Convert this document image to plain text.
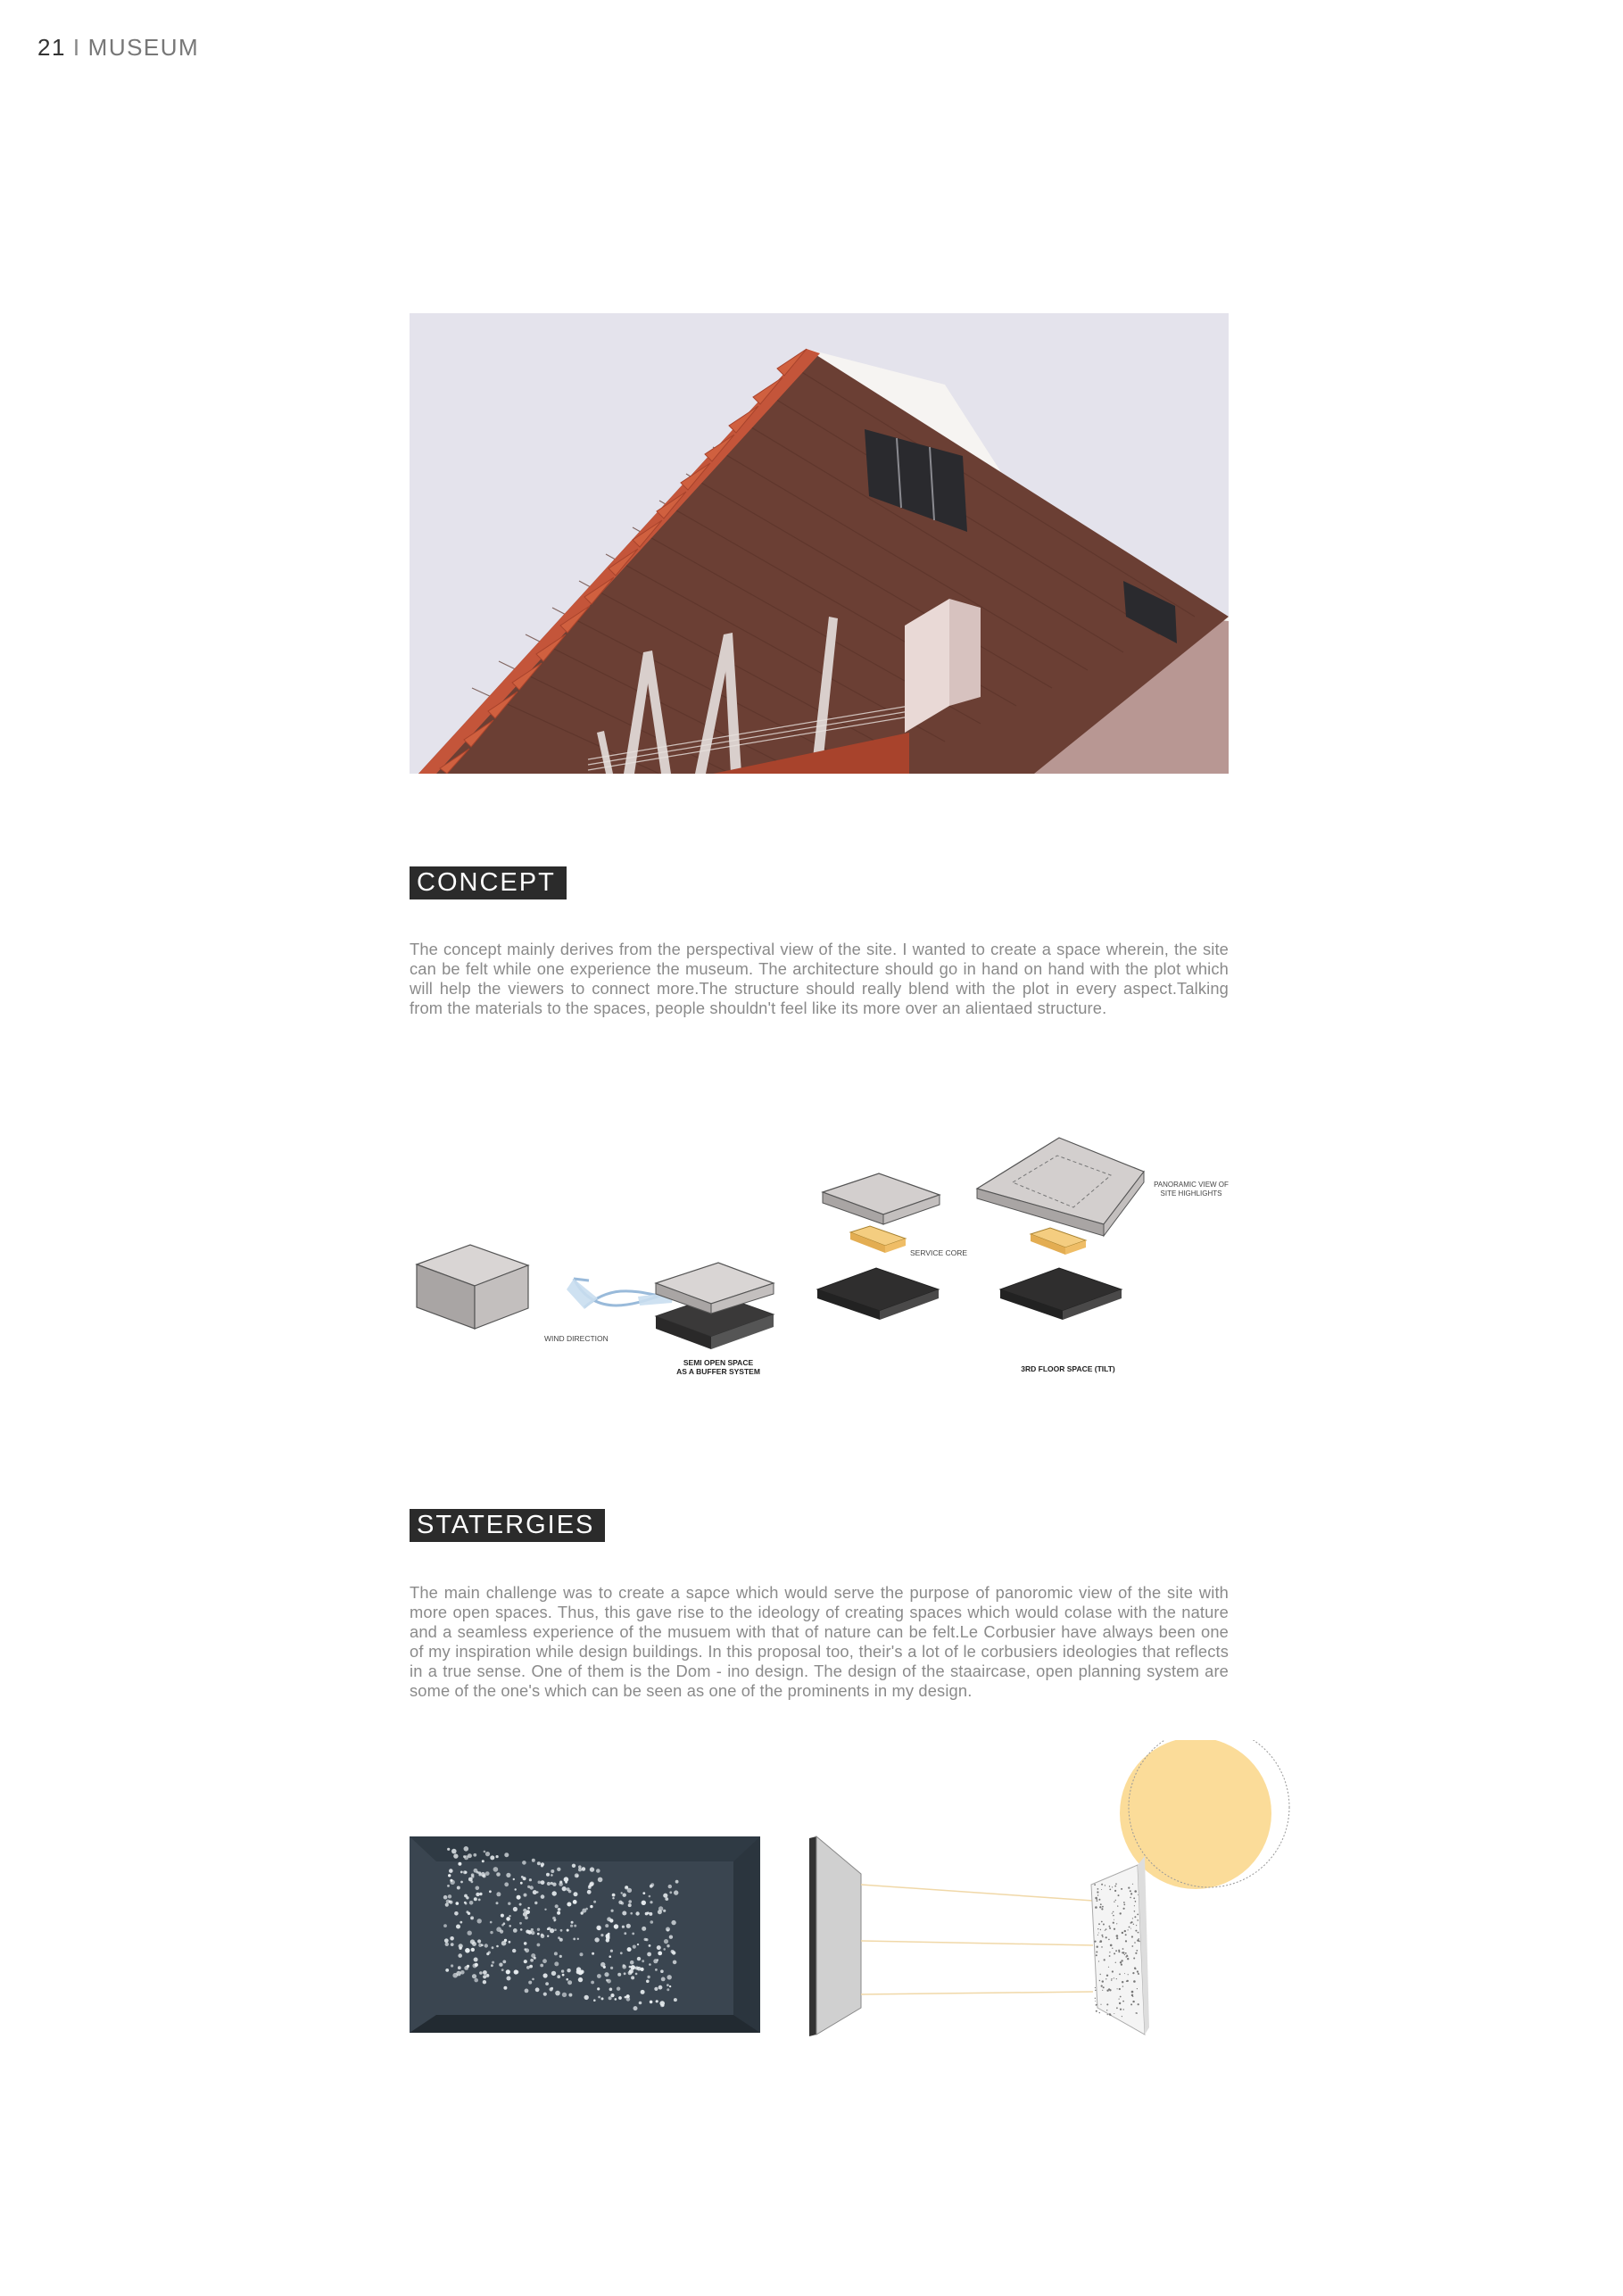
21 I MUSEUM
CONCEPT
The concept mainly derives from the perspectival view of the site. I wanted to create a space wherein, the site can be felt while one experience the museum. The architecture should go in hand on hand with the plot which will help the viewers to connect more.The structure should really blend with the plot in every aspect.Talking from the materials to the spaces, people shouldn't feel like its more over an alientaed structure.
WIND DIRECTION
SEMI OPEN SPACE
AS A BUFFER SYSTEM
SERVICE CORE
PANORAMIC VIEW OF
SITE HIGHLIGHTS
3RD FLOOR SPACE (TILT)
STATERGIES
The main challenge was to create a sapce which would serve the purpose of panoromic view of the site with more open spaces. Thus, this gave rise to the ideology of creating spaces which would colase with the nature and a seamless experience of the musuem with that of nature can be felt.Le Corbusier have always been one of my inspiration while design buildings. In this proposal too, their's a lot of le corbusiers ideologies that reflects in a true sense. One of them is the Dom - ino design. The design of the staaircase, open planning system are some of the one's which can be seen as one of the prominents in my design.
